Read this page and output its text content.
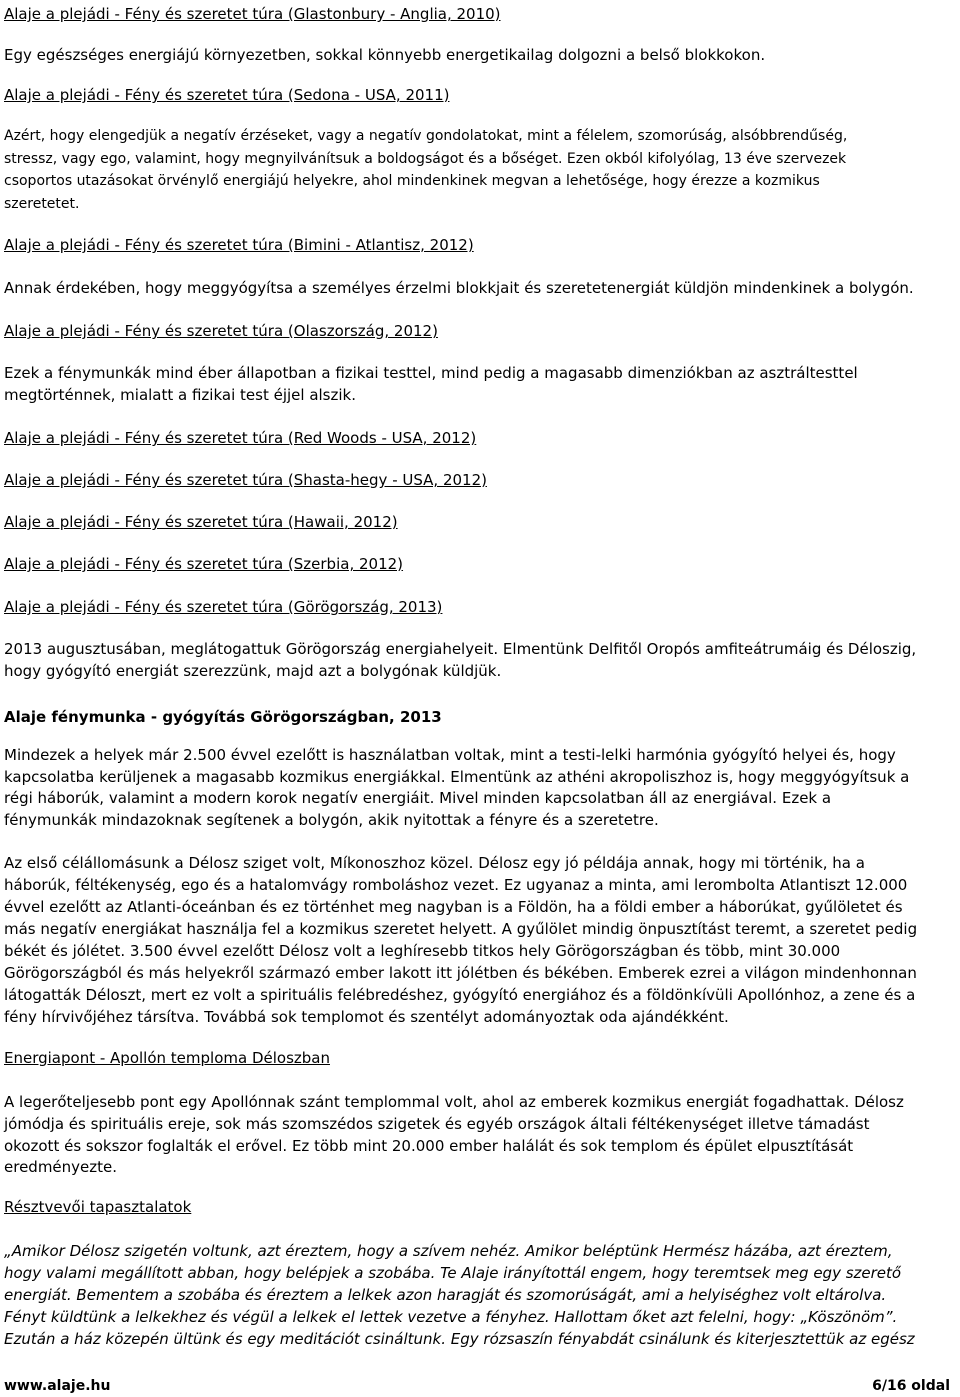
Alaje a plejádi - Fény és szeretet túra (Glastonbury - Anglia, 2010)
Egy egészséges energiájú környezetben, sokkal könnyebb energetikailag dolgozni a belső blokkokon.
Alaje a plejádi - Fény és szeretet túra (Sedona - USA, 2011)
Azért, hogy elengedjük a negatív érzéseket, vagy a negatív gondolatokat, mint a félelem, szomorúság, alsóbbrendűség,
stressz, vagy ego, valamint, hogy megnyilvánítsuk a boldogságot és a bőséget. Ezen okból kifolyólag, 13 éve szervezek
csoportos utazásokat örvénylő energiájú helyekre, ahol mindenkinek megvan a lehetősége, hogy érezze a kozmikus
szeretetet.
Alaje a plejádi - Fény és szeretet túra (Bimini - Atlantisz, 2012)
Annak érdekében, hogy meggyógyítsa a személyes érzelmi blokkjait és szeretetenergiát küldjön mindenkinek a bolygón.
Alaje a plejádi - Fény és szeretet túra (Olaszország, 2012)
Ezek a fénymunkák mind éber állapotban a fizikai testtel, mind pedig a magasabb dimenziókban az asztráltesttel
megtörténnek, mialatt a fizikai test éjjel alszik.
Alaje a plejádi - Fény és szeretet túra (Red Woods - USA, 2012)
Alaje a plejádi - Fény és szeretet túra (Shasta-hegy - USA, 2012)
Alaje a plejádi - Fény és szeretet túra (Hawaii, 2012)
Alaje a plejádi - Fény és szeretet túra (Szerbia, 2012)
Alaje a plejádi - Fény és szeretet túra (Görögország, 2013)
2013 augusztusában, meglátogattuk Görögország energiahelyeit. Elmentünk Delfitől Oropós amfiteátrumáig és Déloszig,
hogy gyógyító energiát szerezzünk, majd azt a bolygónak küldjük.
Alaje fénymunka - gyógyítás Görögországban, 2013
Mindezek a helyek már 2.500 évvel ezelőtt is használatban voltak, mint a testi-lelki harmónia gyógyító helyei és, hogy
kapcsolatba kerüljenek a magasabb kozmikus energiákkal. Elmentünk az athéni akropoliszhoz is, hogy meggyógyítsuk a
régi háborúk, valamint a modern korok negatív energiáit. Mivel minden kapcsolatban áll az energiával. Ezek a
fénymunkák mindazoknak segítenek a bolygón, akik nyitottak a fényre és a szeretetre.
Az első célállomásunk a Délosz sziget volt, Míkonoszhoz közel. Délosz egy jó példája annak, hogy mi történik, ha a
háborúk, féltékenység, ego és a hatalomvágy romboláshoz vezet. Ez ugyanaz a minta, ami lerombolta Atlantiszt 12.000
évvel ezelőtt az Atlanti-óceánban és ez történhet meg nagyban is a Földön, ha a földi ember a háborúkat, gyűlöletet és
más negatív energiákat használja fel a kozmikus szeretet helyett. A gyűlölet mindig önpusztítást teremt, a szeretet pedig
békét és jólétet. 3.500 évvel ezelőtt Délosz volt a leghíresebb titkos hely Görögországban és több, mint 30.000
Görögországból és más helyekről származó ember lakott itt jólétben és békében. Emberek ezrei a világon mindenhonnan
látogatták Déloszt, mert ez volt a spirituális felébredéshez, gyógyító energiához és a földönkívüli Apollónhoz, a zene és a
fény hírvivőjéhez társítva. Továbbá sok templomot és szentélyt adományoztak oda ajándékként.
Energiapont - Apollón temploma Déloszban
A legerőteljesebb pont egy Apollónnak szánt templommal volt, ahol az emberek kozmikus energiát fogadhattak. Délosz
jómódja és spirituális ereje, sok más szomszédos szigetek és egyéb országok általi féltékenységet illetve támadást
okozott és sokszor foglalták el erővel. Ez több mint 20.000 ember halálát és sok templom és épület elpusztítását
eredményezte.
Résztvevői tapasztalatok
„Amikor Délosz szigetén voltunk, azt éreztem, hogy a szívem nehéz. Amikor beléptünk Hermész házába, azt éreztem,
hogy valami megállított abban, hogy belépjek a szobába. Te Alaje irányítottál engem, hogy teremtsek meg egy szerető
energiát. Bementem a szobába és éreztem a lelkek azon haragját és szomorúságát, ami a helyiséghez volt eltárolva.
Fényt küldtünk a lelkekhez és végül a lelkek el lettek vezetve a fényhez. Hallottam őket azt felelni, hogy: „Köszönöm”.
Ezután a ház közepén ültünk és egy meditációt csináltunk. Egy rózsaszín fényabdát csinálunk és kiterjesztettük az egész
www.alaje.hu	6/16 oldal
